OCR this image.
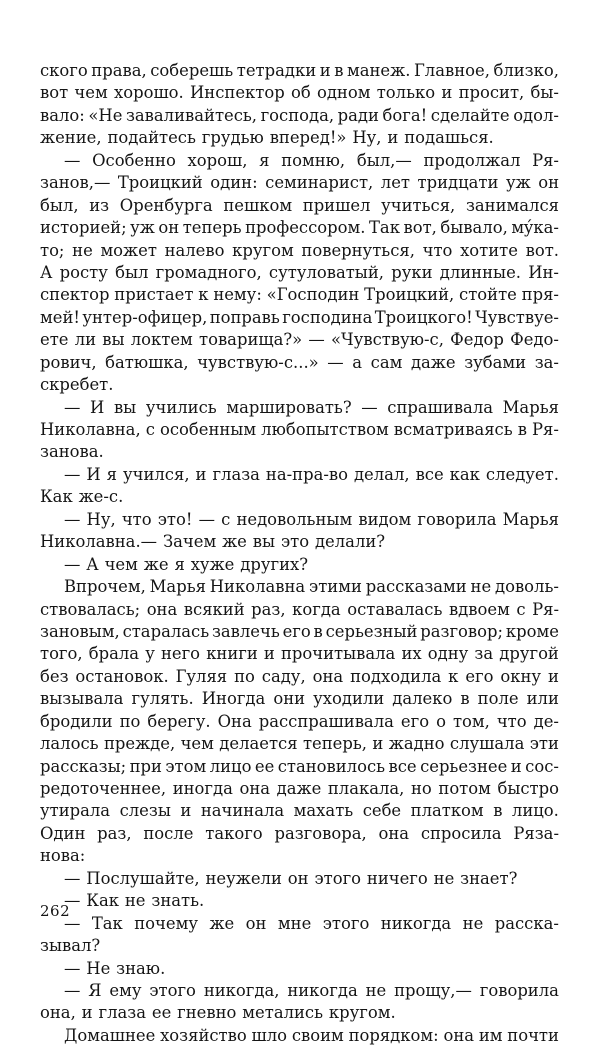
ского права, соберешь тетрадки и в манеж. Главное, близко,
вот чем хорошо. Инспектор об одном только и просит, бы-
вало: «Не заваливайтесь, господа, ради бога! сделайте одол-
жение, подайтесь грудью вперед!» Ну, и подашься.
— Особенно хорош, я помню, был,— продолжал Ря-
занов,— Троицкий один: семинарист, лет тридцати уж он
был, из Оренбурга пешком пришел учиться, занимался
историей; уж он теперь профессором. Так вот, бывало, мýка-
то; не может налево кругом повернуться, что хотите вот.
А росту был громадного, сутуловатый, руки длинные. Ин-
спектор пристает к нему: «Господин Троицкий, стойте пря-
мей! унтер-офицер, поправь господина Троицкого! Чувствуе-
ете ли вы локтем товарища?» — «Чувствую-с, Федор Федо-
рович, батюшка, чувствую-с...» — а сам даже зубами за-
скребет.
— И вы учились маршировать? — спрашивала Марья
Николавна, с особенным любопытством всматриваясь в Ря-
занова.
— И я учился, и глаза на-пра-во делал, все как следует.
Как же-с.
— Ну, что это! — с недовольным видом говорила Марья
Николавна.— Зачем же вы это делали?
— А чем же я хуже других?
Впрочем, Марья Николавна этими рассказами не доволь-
ствовалась; она всякий раз, когда оставалась вдвоем с Ря-
зановым, старалась завлечь его в серьезный разговор; кроме
того, брала у него книги и прочитывала их одну за другой
без остановок. Гуляя по саду, она подходила к его окну и
вызывала гулять. Иногда они уходили далеко в поле или
бродили по берегу. Она расспрашивала его о том, что де-
лалось прежде, чем делается теперь, и жадно слушала эти
рассказы; при этом лицо ее становилось все серьезнее и сос-
редоточеннее, иногда она даже плакала, но потом быстро
утирала слезы и начинала махать себе платком в лицо.
Один раз, после такого разговора, она спросила Ряза-
нова:
— Послушайте, неужели он этого ничего не знает?
— Как не знать.
— Так почему же он мне этого никогда не расска-
зывал?
— Не знаю.
— Я ему этого никогда, никогда не прощу,— говорила
она, и глаза ее гневно метались кругом.
Домашнее хозяйство шло своим порядком: она им почти
262
